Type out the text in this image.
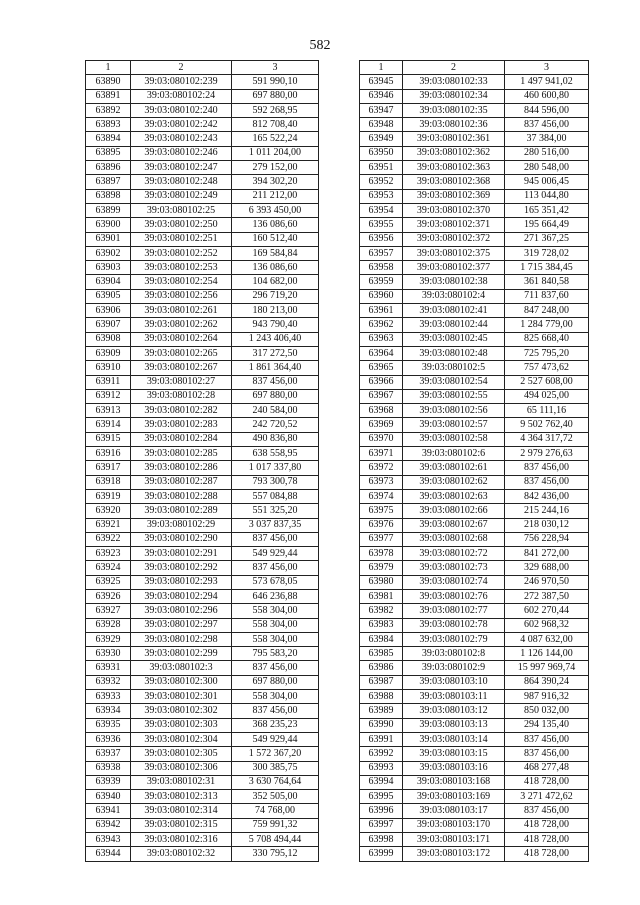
582
1	2	3
63890	39:03:080102:239	591 990,10
63891	39:03:080102:24	697 880,00
63892	39:03:080102:240	592 268,95
63893	39:03:080102:242	812 708,40
63894	39:03:080102:243	165 522,24
63895	39:03:080102:246	1 011 204,00
63896	39:03:080102:247	279 152,00
63897	39:03:080102:248	394 302,20
63898	39:03:080102:249	211 212,00
63899	39:03:080102:25	6 393 450,00
63900	39:03:080102:250	136 086,60
63901	39:03:080102:251	160 512,40
63902	39:03:080102:252	169 584,84
63903	39:03:080102:253	136 086,60
63904	39:03:080102:254	104 682,00
63905	39:03:080102:256	296 719,20
63906	39:03:080102:261	180 213,00
63907	39:03:080102:262	943 790,40
63908	39:03:080102:264	1 243 406,40
63909	39:03:080102:265	317 272,50
63910	39:03:080102:267	1 861 364,40
63911	39:03:080102:27	837 456,00
63912	39:03:080102:28	697 880,00
63913	39:03:080102:282	240 584,00
63914	39:03:080102:283	242 720,52
63915	39:03:080102:284	490 836,80
63916	39:03:080102:285	638 558,95
63917	39:03:080102:286	1 017 337,80
63918	39:03:080102:287	793 300,78
63919	39:03:080102:288	557 084,88
63920	39:03:080102:289	551 325,20
63921	39:03:080102:29	3 037 837,35
63922	39:03:080102:290	837 456,00
63923	39:03:080102:291	549 929,44
63924	39:03:080102:292	837 456,00
63925	39:03:080102:293	573 678,05
63926	39:03:080102:294	646 236,88
63927	39:03:080102:296	558 304,00
63928	39:03:080102:297	558 304,00
63929	39:03:080102:298	558 304,00
63930	39:03:080102:299	795 583,20
63931	39:03:080102:3	837 456,00
63932	39:03:080102:300	697 880,00
63933	39:03:080102:301	558 304,00
63934	39:03:080102:302	837 456,00
63935	39:03:080102:303	368 235,23
63936	39:03:080102:304	549 929,44
63937	39:03:080102:305	1 572 367,20
63938	39:03:080102:306	300 385,75
63939	39:03:080102:31	3 630 764,64
63940	39:03:080102:313	352 505,00
63941	39:03:080102:314	74 768,00
63942	39:03:080102:315	759 991,32
63943	39:03:080102:316	5 708 494,44
63944	39:03:080102:32	330 795,12
1	2	3
63945	39:03:080102:33	1 497 941,02
63946	39:03:080102:34	460 600,80
63947	39:03:080102:35	844 596,00
63948	39:03:080102:36	837 456,00
63949	39:03:080102:361	37 384,00
63950	39:03:080102:362	280 516,00
63951	39:03:080102:363	280 548,00
63952	39:03:080102:368	945 006,45
63953	39:03:080102:369	113 044,80
63954	39:03:080102:370	165 351,42
63955	39:03:080102:371	195 664,49
63956	39:03:080102:372	271 367,25
63957	39:03:080102:375	319 728,02
63958	39:03:080102:377	1 715 384,45
63959	39:03:080102:38	361 840,58
63960	39:03:080102:4	711 837,60
63961	39:03:080102:41	847 248,00
63962	39:03:080102:44	1 284 779,00
63963	39:03:080102:45	825 668,40
63964	39:03:080102:48	725 795,20
63965	39:03:080102:5	757 473,62
63966	39:03:080102:54	2 527 608,00
63967	39:03:080102:55	494 025,00
63968	39:03:080102:56	65 111,16
63969	39:03:080102:57	9 502 762,40
63970	39:03:080102:58	4 364 317,72
63971	39:03:080102:6	2 979 276,63
63972	39:03:080102:61	837 456,00
63973	39:03:080102:62	837 456,00
63974	39:03:080102:63	842 436,00
63975	39:03:080102:66	215 244,16
63976	39:03:080102:67	218 030,12
63977	39:03:080102:68	756 228,94
63978	39:03:080102:72	841 272,00
63979	39:03:080102:73	329 688,00
63980	39:03:080102:74	246 970,50
63981	39:03:080102:76	272 387,50
63982	39:03:080102:77	602 270,44
63983	39:03:080102:78	602 968,32
63984	39:03:080102:79	4 087 632,00
63985	39:03:080102:8	1 126 144,00
63986	39:03:080102:9	15 997 969,74
63987	39:03:080103:10	864 390,24
63988	39:03:080103:11	987 916,32
63989	39:03:080103:12	850 032,00
63990	39:03:080103:13	294 135,40
63991	39:03:080103:14	837 456,00
63992	39:03:080103:15	837 456,00
63993	39:03:080103:16	468 277,48
63994	39:03:080103:168	418 728,00
63995	39:03:080103:169	3 271 472,62
63996	39:03:080103:17	837 456,00
63997	39:03:080103:170	418 728,00
63998	39:03:080103:171	418 728,00
63999	39:03:080103:172	418 728,00
